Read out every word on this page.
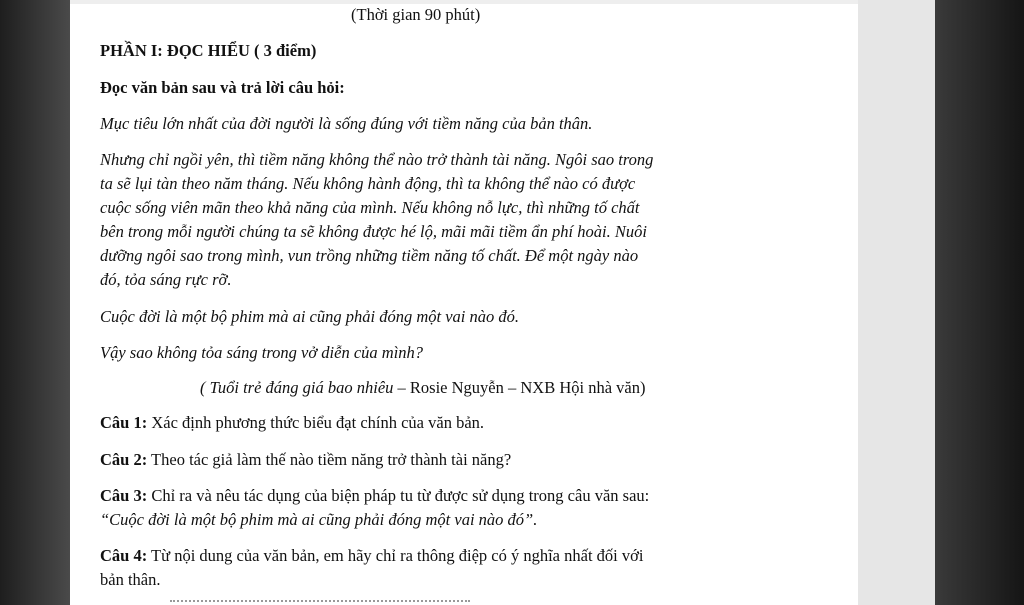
(Thời gian 90 phút)
PHẦN I: ĐỌC HIỂU ( 3 điểm)
Đọc văn bản sau và trả lời câu hỏi:
Mục tiêu lớn nhất của đời người là sống đúng với tiềm năng của bản thân.
Nhưng chỉ ngồi yên, thì tiềm năng không thể nào trở thành tài năng. Ngôi sao trong
ta sẽ lụi tàn theo năm tháng. Nếu không hành động, thì ta không thể nào có được
cuộc sống viên mãn theo khả năng của mình. Nếu không nỗ lực, thì những tố chất
bên trong mỗi người chúng ta sẽ không được hé lộ, mãi mãi tiềm ẩn phí hoài. Nuôi
dưỡng ngôi sao trong mình, vun trồng những tiềm năng tố chất. Để một ngày nào
đó, tỏa sáng rực rỡ.
Cuộc đời là một bộ phim mà ai cũng phải đóng một vai nào đó.
Vậy sao không tỏa sáng trong vở diễn của mình?
( Tuổi trẻ đáng giá bao nhiêu – Rosie Nguyễn – NXB Hội nhà văn)
Câu 1: Xác định phương thức biểu đạt chính của văn bản.
Câu 2: Theo tác giả làm thế nào tiềm năng trở thành tài năng?
Câu 3: Chỉ ra và nêu tác dụng của biện pháp tu từ được sử dụng trong câu văn sau:
“Cuộc đời là một bộ phim mà ai cũng phải đóng một vai nào đó”.
Câu 4: Từ nội dung của văn bản, em hãy chỉ ra thông điệp có ý nghĩa nhất đối với
bản thân.
